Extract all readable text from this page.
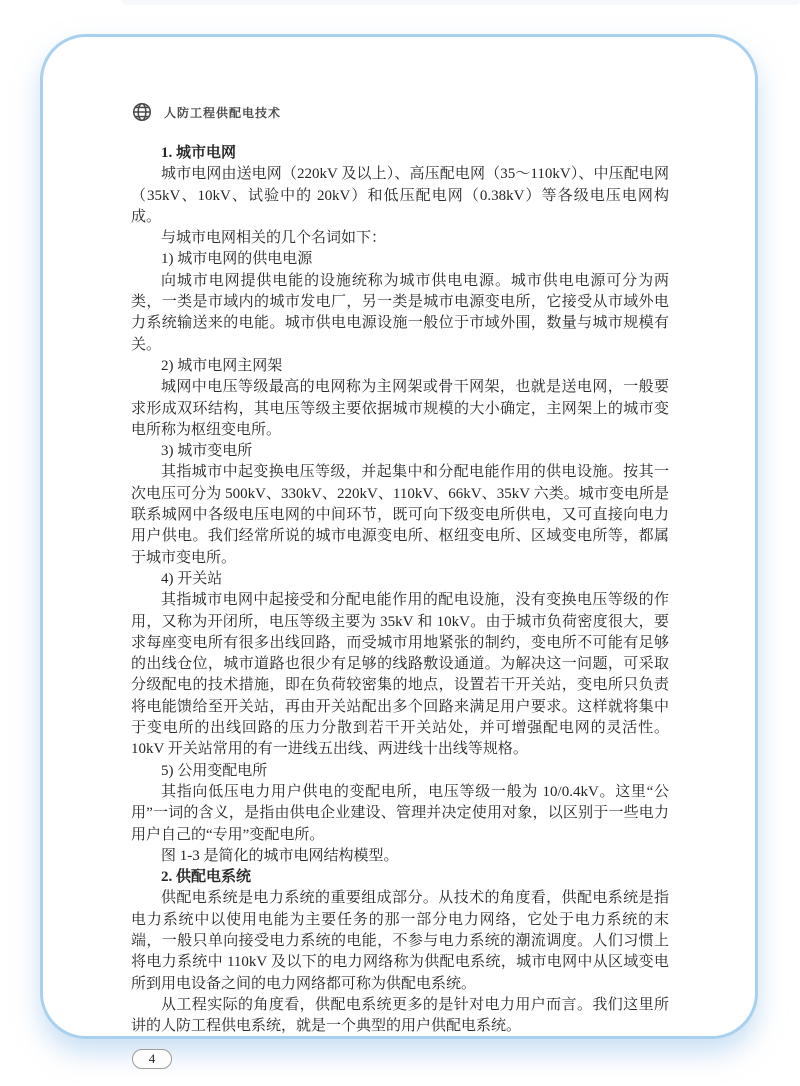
人防工程供配电技术

1. 城市电网

城市电网由送电网（220kV 及以上）、高压配电网（35～110kV）、中压配电网（35kV、10kV、试验中的 20kV）和低压配电网（0.38kV）等各级电压电网构成。

与城市电网相关的几个名词如下：

1) 城市电网的供电电源

向城市电网提供电能的设施统称为城市供电电源。城市供电电源可分为两类，一类是市域内的城市发电厂，另一类是城市电源变电所，它接受从市域外电力系统输送来的电能。城市供电电源设施一般位于市域外围，数量与城市规模有关。

2) 城市电网主网架

城网中电压等级最高的电网称为主网架或骨干网架，也就是送电网，一般要求形成双环结构，其电压等级主要依据城市规模的大小确定，主网架上的城市变电所称为枢纽变电所。

3) 城市变电所

其指城市中起变换电压等级，并起集中和分配电能作用的供电设施。按其一次电压可分为 500kV、330kV、220kV、110kV、66kV、35kV 六类。城市变电所是联系城网中各级电压电网的中间环节，既可向下级变电所供电，又可直接向电力用户供电。我们经常所说的城市电源变电所、枢纽变电所、区域变电所等，都属于城市变电所。

4) 开关站

其指城市电网中起接受和分配电能作用的配电设施，没有变换电压等级的作用，又称为开闭所，电压等级主要为 35kV 和 10kV。由于城市负荷密度很大，要求每座变电所有很多出线回路，而受城市用地紧张的制约，变电所不可能有足够的出线仓位，城市道路也很少有足够的线路敷设通道。为解决这一问题，可采取分级配电的技术措施，即在负荷较密集的地点，设置若干开关站，变电所只负责将电能馈给至开关站，再由开关站配出多个回路来满足用户要求。这样就将集中于变电所的出线回路的压力分散到若干开关站处，并可增强配电网的灵活性。10kV 开关站常用的有一进线五出线、两进线十出线等规格。

5) 公用变配电所

其指向低压电力用户供电的变配电所，电压等级一般为 10/0.4kV。这里“公用”一词的含义，是指由供电企业建设、管理并决定使用对象，以区别于一些电力用户自己的“专用”变配电所。

图 1-3 是简化的城市电网结构模型。

2. 供配电系统

供配电系统是电力系统的重要组成部分。从技术的角度看，供配电系统是指电力系统中以使用电能为主要任务的那一部分电力网络，它处于电力系统的末端，一般只单向接受电力系统的电能，不参与电力系统的潮流调度。人们习惯上将电力系统中 110kV 及以下的电力网络称为供配电系统，城市电网中从区域变电所到用电设备之间的电力网络都可称为供配电系统。

从工程实际的角度看，供配电系统更多的是针对电力用户而言。我们这里所讲的人防工程供电系统，就是一个典型的用户供配电系统。

4
